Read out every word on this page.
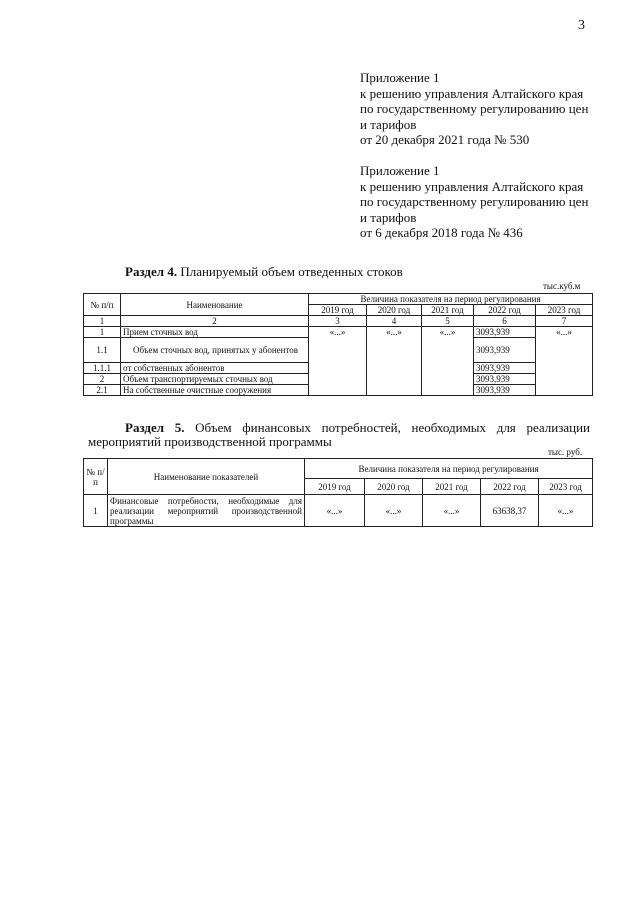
3
Приложение 1
к решению управления Алтайского края
по государственному регулированию цен
и тарифов
от 20 декабря 2021 года № 530
Приложение 1
к решению управления Алтайского края
по государственному регулированию цен
и тарифов
от 6 декабря 2018 года № 436
Раздел 4. Планируемый объем отведенных стоков
тыс.куб.м
№ п/п	Наименование	Величина показателя на период регулирования				
		2019 год	2020 год	2021 год	2022 год	2023 год
1	2	3	4	5	6	7
1	Прием сточных вод	«...»	«...»	«...»	3093,939	«...»
1.1	Объем сточных вод, принятых у абонентов				3093,939	
1.1.1	от собственных абонентов				3093,939	
2	Объем транспортируемых сточных вод				3093,939	
2.1	На собственные очистные сооружения				3093,939	
Раздел 5. Объем финансовых потребностей, необходимых для реализации мероприятий производственной программы
тыс. руб.
№ п/ п	Наименование показателей	Величина показателя на период регулирования				
		2019 год	2020 год	2021 год	2022 год	2023 год
1	Финансовые потребности, необходимые для реализации мероприятий производственной программы	«...»	«...»	«...»	63638,37	«...»
